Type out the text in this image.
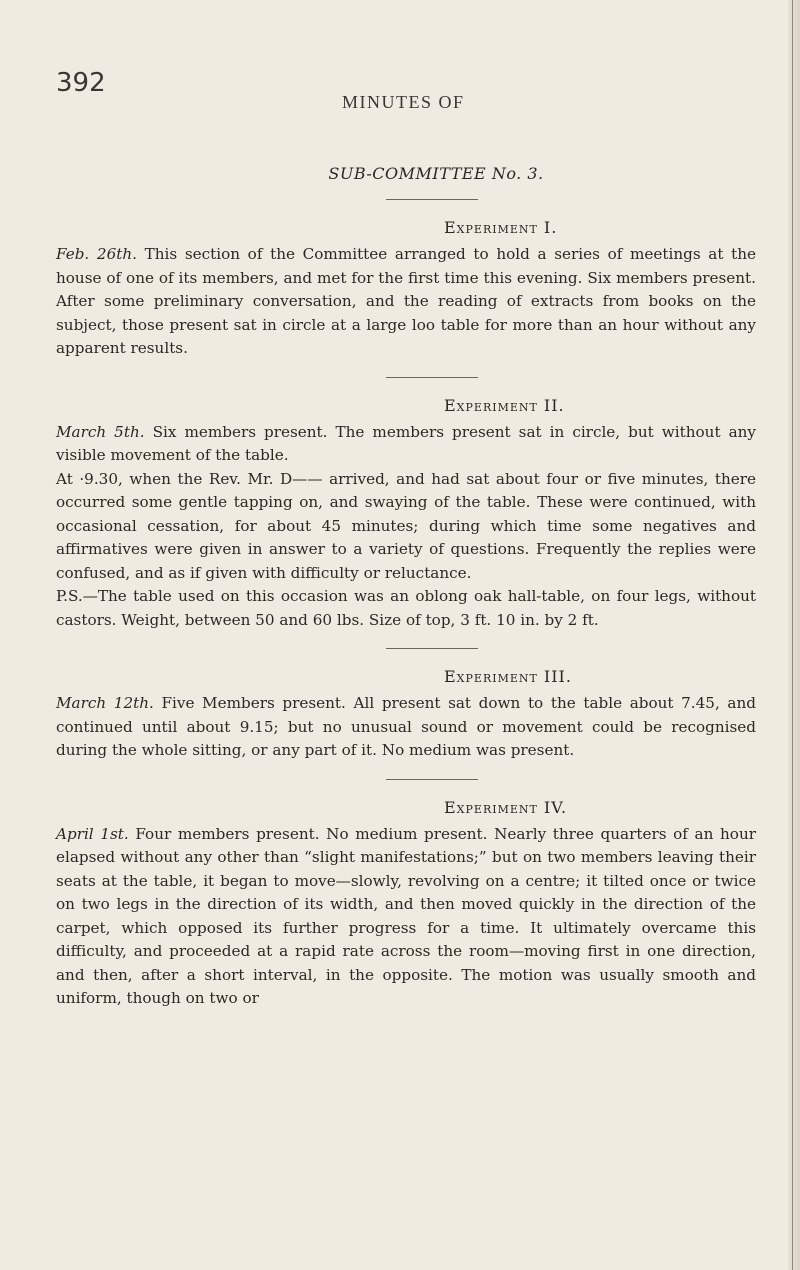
392
MINUTES OF
SUB-COMMITTEE No. 3.
Experiment I.

Feb. 26th. This section of the Committee arranged to hold a series of meetings at the house of one of its members, and met for the first time this evening. Six members present. After some preliminary conversation, and the reading of extracts from books on the subject, those present sat in circle at a large loo table for more than an hour without any apparent results.

Experiment II.

March 5th. Six members present. The members present sat in circle, but without any visible movement of the table.

At ·9.30, when the Rev. Mr. D—— arrived, and had sat about four or five minutes, there occurred some gentle tapping on, and swaying of the table. These were continued, with occasional cessation, for about 45 minutes; during which time some negatives and affirmatives were given in answer to a variety of questions. Frequently the replies were confused, and as if given with difficulty or reluctance.

P.S.—The table used on this occasion was an oblong oak hall-table, on four legs, without castors. Weight, between 50 and 60 lbs. Size of top, 3 ft. 10 in. by 2 ft.

Experiment III.

March 12th. Five Members present. All present sat down to the table about 7.45, and continued until about 9.15; but no unusual sound or movement could be recognised during the whole sitting, or any part of it. No medium was present.

Experiment IV.

April 1st. Four members present. No medium present. Nearly three quarters of an hour elapsed without any other than “slight manifestations;” but on two members leaving their seats at the table, it began to move—slowly, revolving on a centre; it tilted once or twice on two legs in the direction of its width, and then moved quickly in the direction of the carpet, which opposed its further progress for a time. It ultimately overcame this difficulty, and proceeded at a rapid rate across the room—moving first in one direction, and then, after a short interval, in the opposite. The motion was usually smooth and uniform, though on two or
